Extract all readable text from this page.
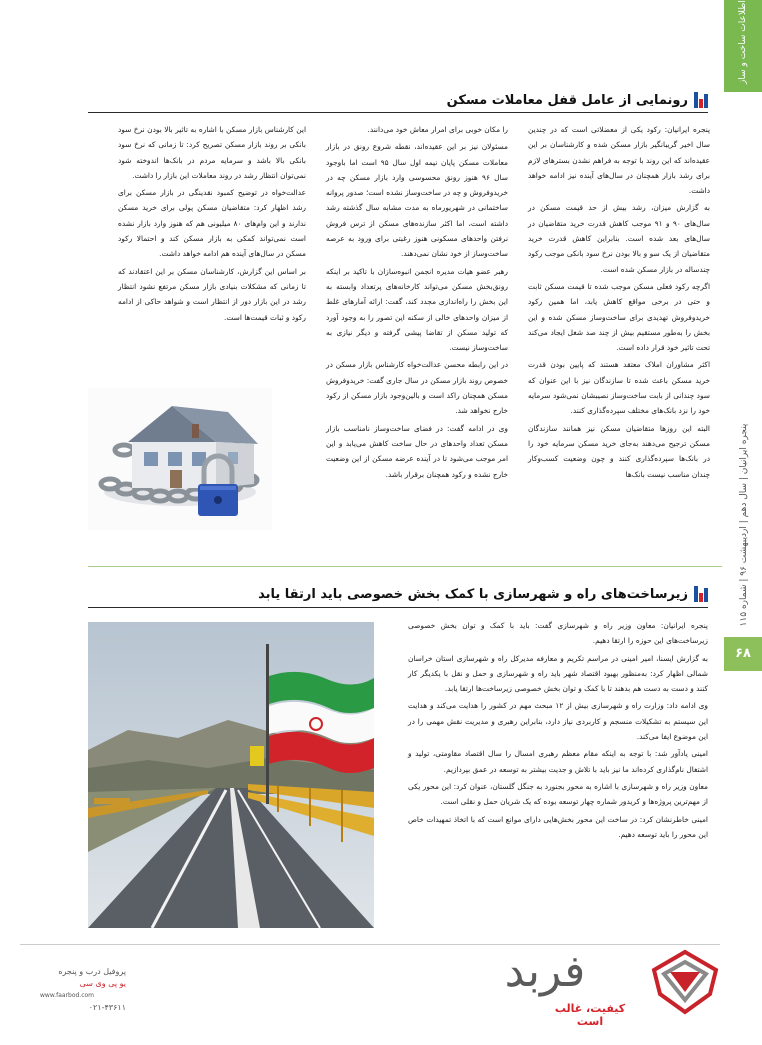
اطلاعات ساخت و ساز
پنجره ایرانیان | سال دهم | اردیبهشت ۹۶ | شماره ۱۱۵
۶۸
رونمایی از عامل قفل معاملات مسکن

پنجره ایرانیان: رکود یکی از معضلاتی است که در چندین سال اخیر گریبانگیر بازار مسکن شده و کارشناسان بر این عقیده‌اند که این روند با توجه به فراهم نشدن بسترهای لازم برای رشد بازار همچنان در سال‌های آینده نیز ادامه خواهد داشت.

به گزارش میزان، رشد بیش از حد قیمت مسکن در سال‌های ۹۰ و ۹۱ موجب کاهش قدرت خرید متقاضیان در سال‌های بعد شده است. بنابراین کاهش قدرت خرید متقاضیان از یک سو و بالا بودن نرخ سود بانکی موجب رکود چندساله در بازار مسکن شده است.

اگرچه رکود فعلی مسکن موجب شده تا قیمت مسکن ثابت و حتی در برخی مواقع کاهش یابد، اما همین رکود خریدوفروش تهدیدی برای ساخت‌وساز مسکن شده و این بخش را به‌طور مستقیم بیش از چند صد شغل ایجاد می‌کند تحت تاثیر خود قرار داده است.

اکثر مشاوران املاک معتقد هستند که پایین بودن قدرت خرید مسکن باعث شده تا سازندگان نیز با این عنوان که سود چندانی از بابت ساخت‌وساز نصیبشان نمی‌شود سرمایه خود را نزد بانک‌های مختلف سپرده‌گذاری کنند.

البته این روزها متقاضیان مسکن نیز همانند سازندگان مسکن ترجیح می‌دهند به‌جای خرید مسکن سرمایه خود را در بانک‌ها سپرده‌گذاری کنند و چون وضعیت کسب‌وکار چندان مناسب نیست بانک‌ها

را مکان خوبی برای امرار معاش خود می‌دانند.

مسئولان نیز بر این عقیده‌اند، نقطه شروع رونق در بازار معاملات مسکن پایان نیمه اول سال ۹۵ است اما باوجود سال ۹۶ هنوز رونق محسوسی وارد بازار مسکن چه در خریدوفروش و چه در ساخت‌وساز نشده است؛ صدور پروانه ساختمانی در شهریورماه به مدت مشابه سال گذشته رشد داشته است، اما اکثر سازنده‌های مسکن از ترس فروش نرفتن واحدهای مسکونی هنوز رغبتی برای ورود به عرصه ساخت‌وساز از خود نشان نمی‌دهند.

رهبر عضو هیات مدیره انجمن انبوه‌سازان با تاکید بر اینکه رونق‌بخش مسکن می‌تواند کارخانه‌های پرتعداد وابسته به این بخش را راه‌اندازی مجدد کند، گفت: ارائه آمارهای غلط از میزان واحدهای خالی از سکنه این تصور را به وجود آورد که تولید مسکن از تقاضا پیشی گرفته و دیگر نیازی به ساخت‌وساز نیست.

در این رابطه محسن عدالت‌خواه کارشناس بازار مسکن در خصوص روند بازار مسکن در سال جاری گفت: خریدوفروش مسکن همچنان راکد است و بالین‌وجود بازار مسکن از رکود خارج نخواهد شد.

وی در ادامه گفت: در فضای ساخت‌وساز نامناسب بازار مسکن تعداد واحدهای در حال ساخت کاهش می‌یابد و این امر موجب می‌شود تا در آینده عرضه مسکن از این وضعیت خارج نشده و رکود همچنان برقرار باشد.

این کارشناس بازار مسکن با اشاره به تاثیر بالا بودن نرخ سود بانکی بر روند بازار مسکن تصریح کرد: تا زمانی که نرخ سود بانکی بالا باشد و سرمایه مردم در بانک‌ها اندوخته شود نمی‌توان انتظار رشد در روند معاملات این بازار را داشت.

عدالت‌خواه در توضیح کمبود نقدینگی در بازار مسکن برای رشد اظهار کرد: متقاضیان مسکن پولی برای خرید مسکن ندارند و این وام‌های ۸۰ میلیونی هم که هنوز وارد بازار نشده است نمی‌تواند کمکی به بازار مسکن کند و احتمالا رکود مسکن در سال‌های آینده هم ادامه خواهد داشت.

بر اساس این گزارش، کارشناسان مسکن بر این اعتقادند که تا زمانی که مشکلات بنیادی بازار مسکن مرتفع نشود انتظار رشد در این بازار دور از انتظار است و شواهد حاکی از ادامه رکود و ثبات قیمت‌ها است.

زیرساخت‌های راه و شهرسازی با کمک بخش خصوصی باید ارتقا یابد

پنجره ایرانیان: معاون وزیر راه و شهرسازی گفت: باید با کمک و توان بخش خصوصی زیرساخت‌های این حوزه را ارتقا دهیم.

به گزارش ایسنا، امیر امینی در مراسم تکریم و معارفه مدیرکل راه و شهرسازی استان خراسان شمالی اظهار کرد: به‌منظور بهبود اقتصاد شهر باید راه و شهرسازی و حمل و نقل با یکدیگر کار کنند و دست به دست هم بدهند تا با کمک و توان بخش خصوصی زیرساخت‌ها ارتقا یابد.

وی ادامه داد: وزارت راه و شهرسازی بیش از ۱۲ مبحث مهم در کشور را هدایت می‌کند و هدایت این سیستم به تشکیلات منسجم و کاربردی نیاز دارد، بنابراین رهبری و مدیریت نقش مهمی را در این موضوع ایفا می‌کند.

امینی یادآور شد: با توجه به اینکه مقام معظم رهبری امسال را سال اقتصاد مقاومتی، تولید و اشتغال نام‌گذاری کرده‌اند ما نیز باید با تلاش و جدیت بیشتر به توسعه در عمق بپردازیم.

معاون وزیر راه و شهرسازی با اشاره به محور بجنورد به جنگل گلستان، عنوان کرد: این محور یکی از مهم‌ترین پروژه‌ها و کریدور شماره چهار توسعه بوده که یک شریان حمل و نقلی است.

امینی خاطرنشان کرد: در ساخت این محور بخش‌هایی دارای موانع است که با اتخاذ تمهیدات خاص این محور را باید توسعه دهیم.

فربد
کیفیت، غالب است
پروفیل درب و پنجره
یو پی وی سی
www.faarbod.com
۰۲۱-۴۳۶۱۱
